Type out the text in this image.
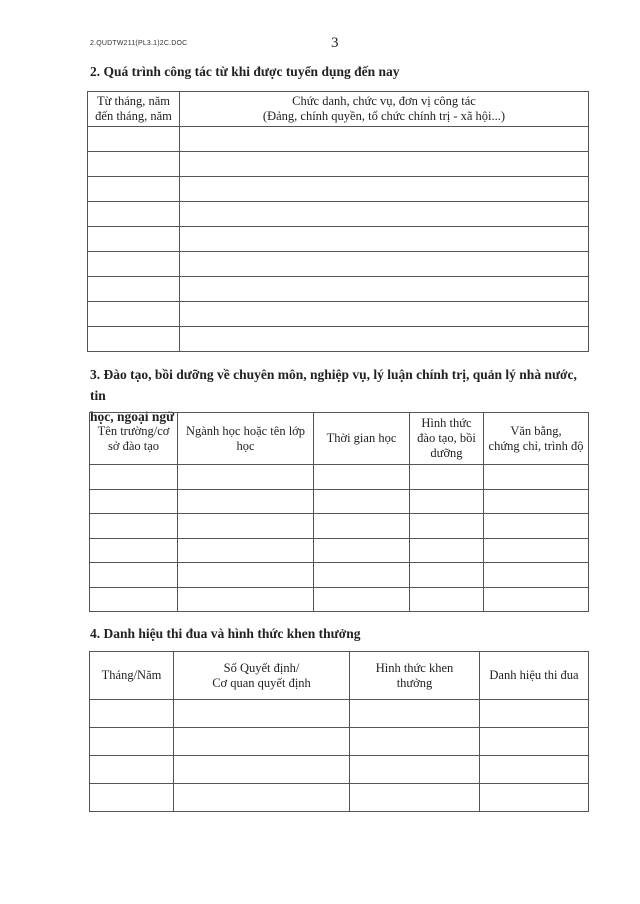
2.QUDTW211(PL3.1)2C.DOC	3
2. Quá trình công tác từ khi được tuyển dụng đến nay
Từ tháng, năm
đến tháng, năm	Chức danh, chức vụ, đơn vị công tác
(Đảng, chính quyền, tổ chức chính trị - xã hội...)

3. Đào tạo, bồi dưỡng về chuyên môn, nghiệp vụ, lý luận chính trị, quản lý nhà nước, tin
học, ngoại ngữ
Tên trường/cơ
sở đào tạo	Ngành học hoặc tên lớp
học	Thời gian học	Hình thức
đào tạo, bồi
dưỡng	Văn bằng,
chứng chỉ, trình độ

4. Danh hiệu thi đua và hình thức khen thưởng
Tháng/Năm	Số Quyết định/
Cơ quan quyết định	Hình thức khen
thưởng	Danh hiệu thi đua
